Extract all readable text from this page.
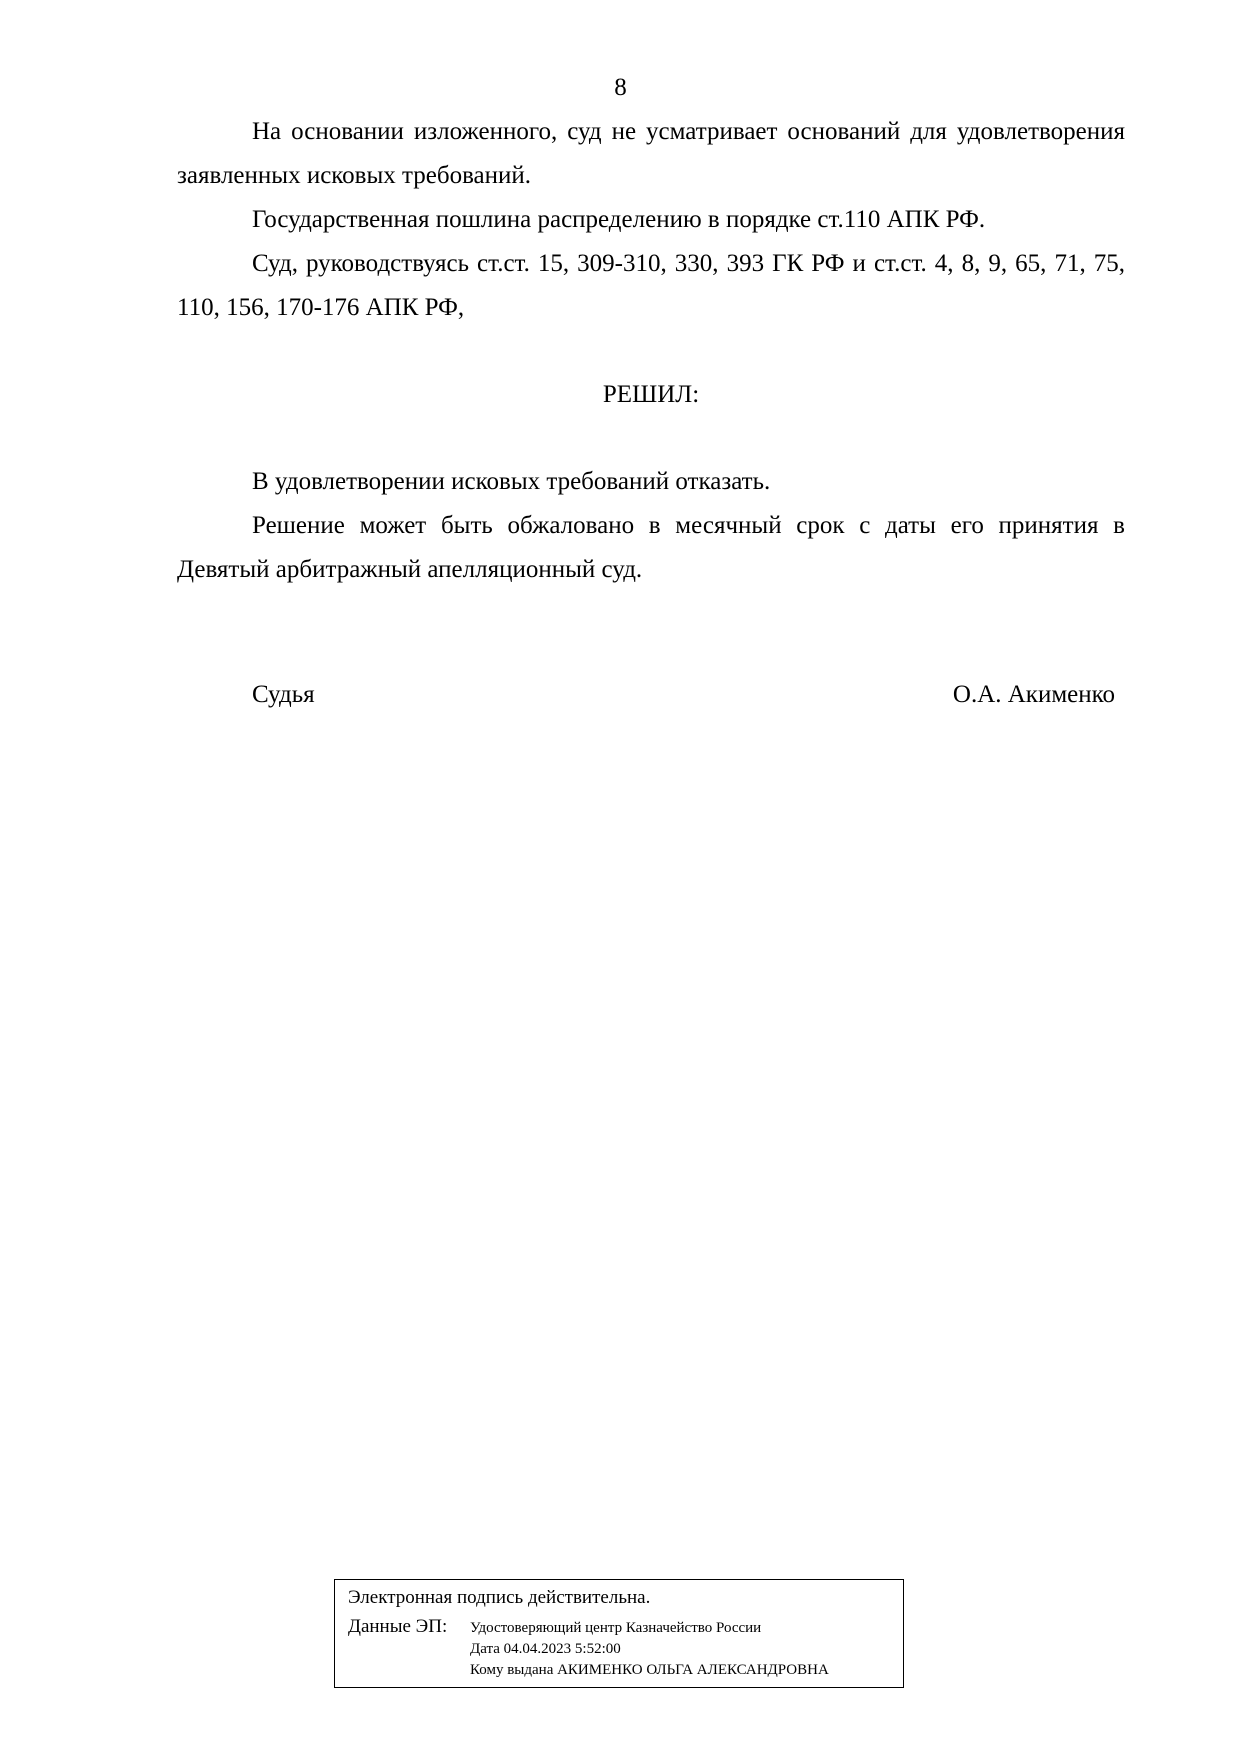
8

На основании изложенного, суд не усматривает оснований для удовлетворения заявленных исковых требований.

Государственная пошлина распределению в порядке ст.110 АПК РФ.

Суд, руководствуясь ст.ст. 15, 309-310, 330, 393 ГК РФ и ст.ст. 4, 8, 9, 65, 71, 75, 110, 156, 170-176 АПК РФ,

РЕШИЛ:

В удовлетворении исковых требований отказать.

Решение может быть обжаловано в месячный срок с даты его принятия в Девятый арбитражный апелляционный суд.

Судья	О.А. Акименко
Электронная подпись действительна.
Данные ЭП: Удостоверяющий центр Казначейство России
Дата 04.04.2023 5:52:00
Кому выдана АКИМЕНКО ОЛЬГА АЛЕКСАНДРОВНА
